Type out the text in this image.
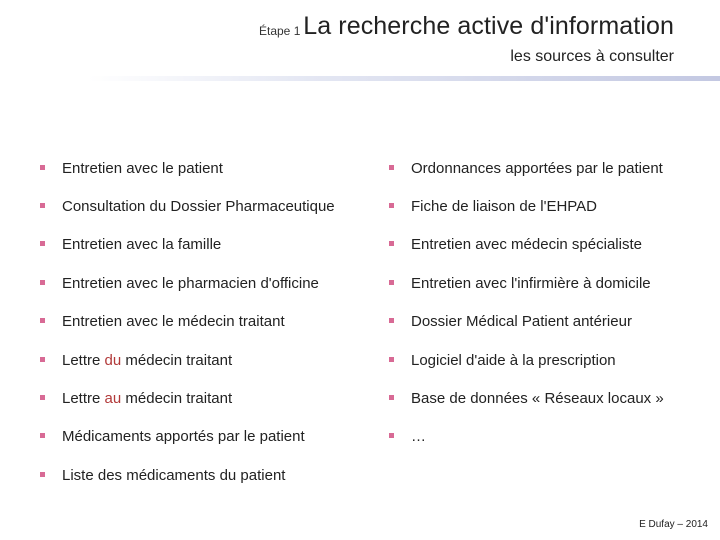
Étape 1 La recherche active d'information
les sources à consulter
Entretien avec le patient
Consultation du Dossier Pharmaceutique
Entretien avec la famille
Entretien avec le pharmacien d'officine
Entretien avec le médecin traitant
Lettre du médecin traitant
Lettre au médecin traitant
Médicaments apportés par le patient
Liste des médicaments du patient
Ordonnances apportées par le patient
Fiche de liaison de l'EHPAD
Entretien avec médecin spécialiste
Entretien avec l'infirmière à domicile
Dossier Médical Patient antérieur
Logiciel d'aide à la prescription
Base de données « Réseaux locaux »
…
E Dufay – 2014
